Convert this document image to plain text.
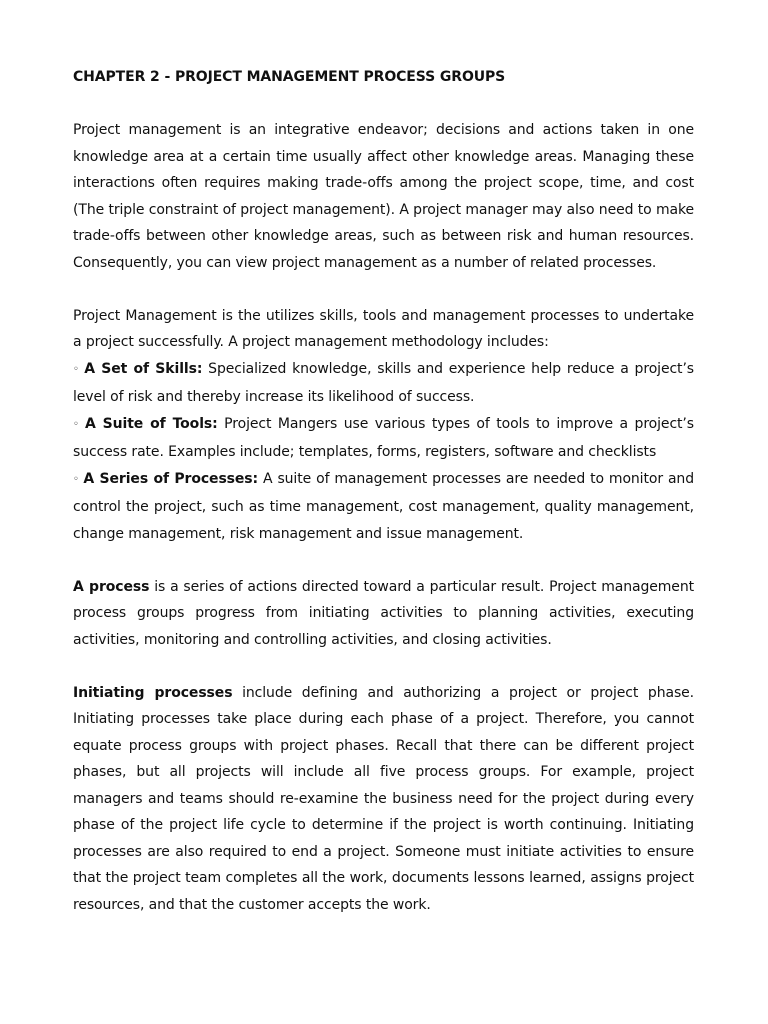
CHAPTER 2 - PROJECT MANAGEMENT PROCESS GROUPS

Project management is an integrative endeavor; decisions and actions taken in one knowledge area at a certain time usually affect other knowledge areas. Managing these interactions often requires making trade-offs among the project scope, time, and cost (The triple constraint of project management). A project manager may also need to make trade-offs between other knowledge areas, such as between risk and human resources. Consequently, you can view project management as a number of related processes.

Project Management is the utilizes skills, tools and management processes to undertake a project successfully. A project management methodology includes:

◦ A Set of Skills: Specialized knowledge, skills and experience help reduce a project’s level of risk and thereby increase its likelihood of success.

◦ A Suite of Tools: Project Mangers use various types of tools to improve a project’s success rate. Examples include; templates, forms, registers, software and checklists

◦ A Series of Processes: A suite of management processes are needed to monitor and control the project, such as time management, cost management, quality management, change management, risk management and issue management.

A process is a series of actions directed toward a particular result. Project management process groups progress from initiating activities to planning activities, executing activities, monitoring and controlling activities, and closing activities.

Initiating processes include defining and authorizing a project or project phase. Initiating processes take place during each phase of a project. Therefore, you cannot equate process groups with project phases. Recall that there can be different project phases, but all projects will include all five process groups. For example, project managers and teams should re-examine the business need for the project during every phase of the project life cycle to determine if the project is worth continuing. Initiating processes are also required to end a project. Someone must initiate activities to ensure that the project team completes all the work, documents lessons learned, assigns project resources, and that the customer accepts the work.
